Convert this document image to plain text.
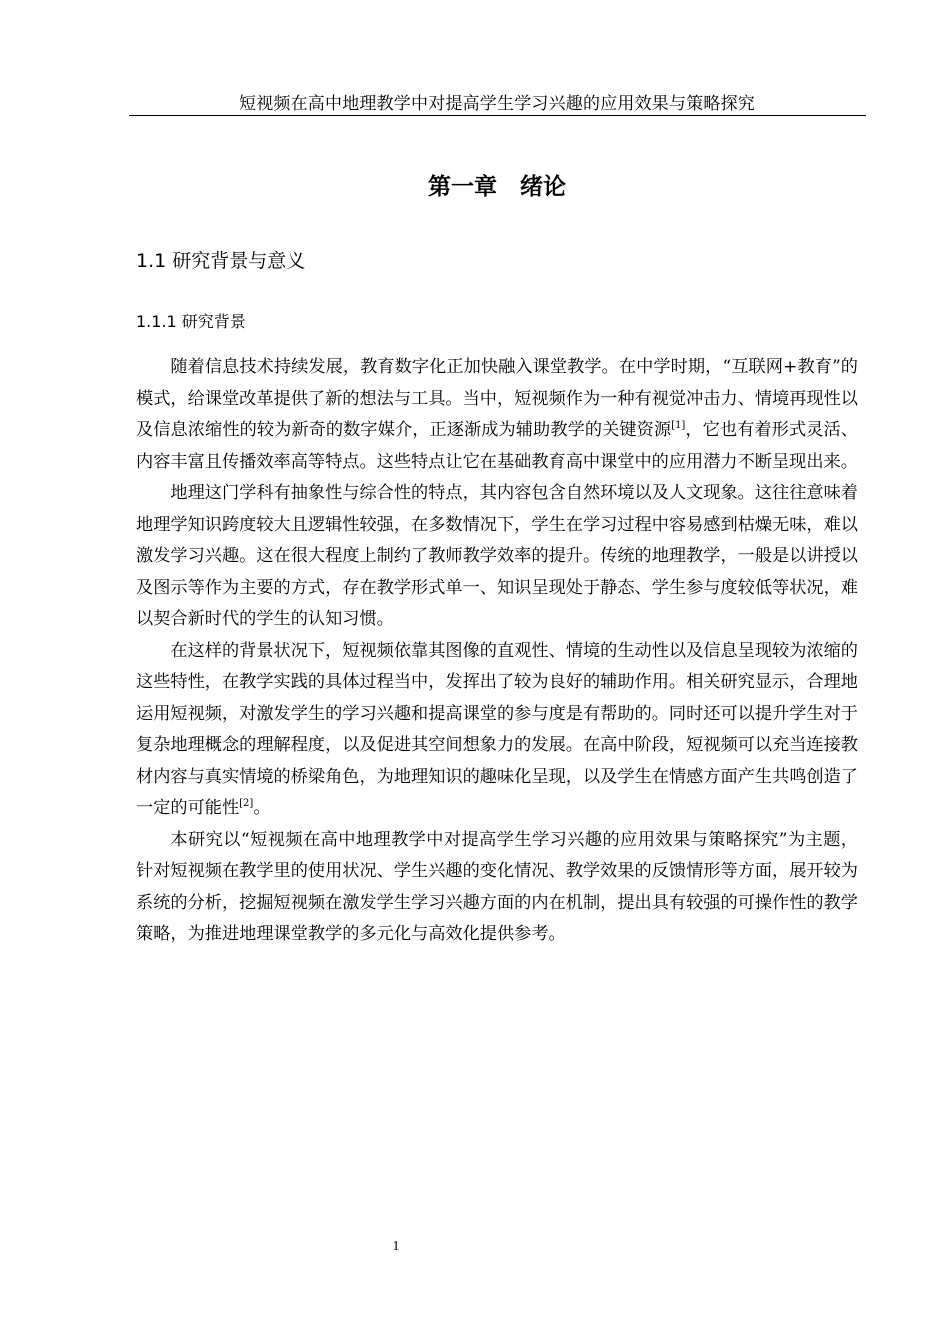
短视频在高中地理教学中对提高学生学习兴趣的应用效果与策略探究
第一章　绪论
1.1 研究背景与意义
1.1.1 研究背景

随着信息技术持续发展，教育数字化正加快融入课堂教学。在中学时期，“互联网+教育”的模式，给课堂改革提供了新的想法与工具。当中，短视频作为一种有视觉冲击力、情境再现性以及信息浓缩性的较为新奇的数字媒介，正逐渐成为辅助教学的关键资源[1]，它也有着形式灵活、内容丰富且传播效率高等特点。这些特点让它在基础教育高中课堂中的应用潜力不断呈现出来。

地理这门学科有抽象性与综合性的特点，其内容包含自然环境以及人文现象。这往往意味着地理学知识跨度较大且逻辑性较强，在多数情况下，学生在学习过程中容易感到枯燥无味，难以激发学习兴趣。这在很大程度上制约了教师教学效率的提升。传统的地理教学，一般是以讲授以及图示等作为主要的方式，存在教学形式单一、知识呈现处于静态、学生参与度较低等状况，难以契合新时代的学生的认知习惯。

在这样的背景状况下，短视频依靠其图像的直观性、情境的生动性以及信息呈现较为浓缩的这些特性，在教学实践的具体过程当中，发挥出了较为良好的辅助作用。相关研究显示，合理地运用短视频，对激发学生的学习兴趣和提高课堂的参与度是有帮助的。同时还可以提升学生对于复杂地理概念的理解程度，以及促进其空间想象力的发展。在高中阶段，短视频可以充当连接教材内容与真实情境的桥梁角色，为地理知识的趣味化呈现，以及学生在情感方面产生共鸣创造了一定的可能性[2]。

本研究以“短视频在高中地理教学中对提高学生学习兴趣的应用效果与策略探究”为主题，针对短视频在教学里的使用状况、学生兴趣的变化情况、教学效果的反馈情形等方面，展开较为系统的分析，挖掘短视频在激发学生学习兴趣方面的内在机制，提出具有较强的可操作性的教学策略，为推进地理课堂教学的多元化与高效化提供参考。

1
